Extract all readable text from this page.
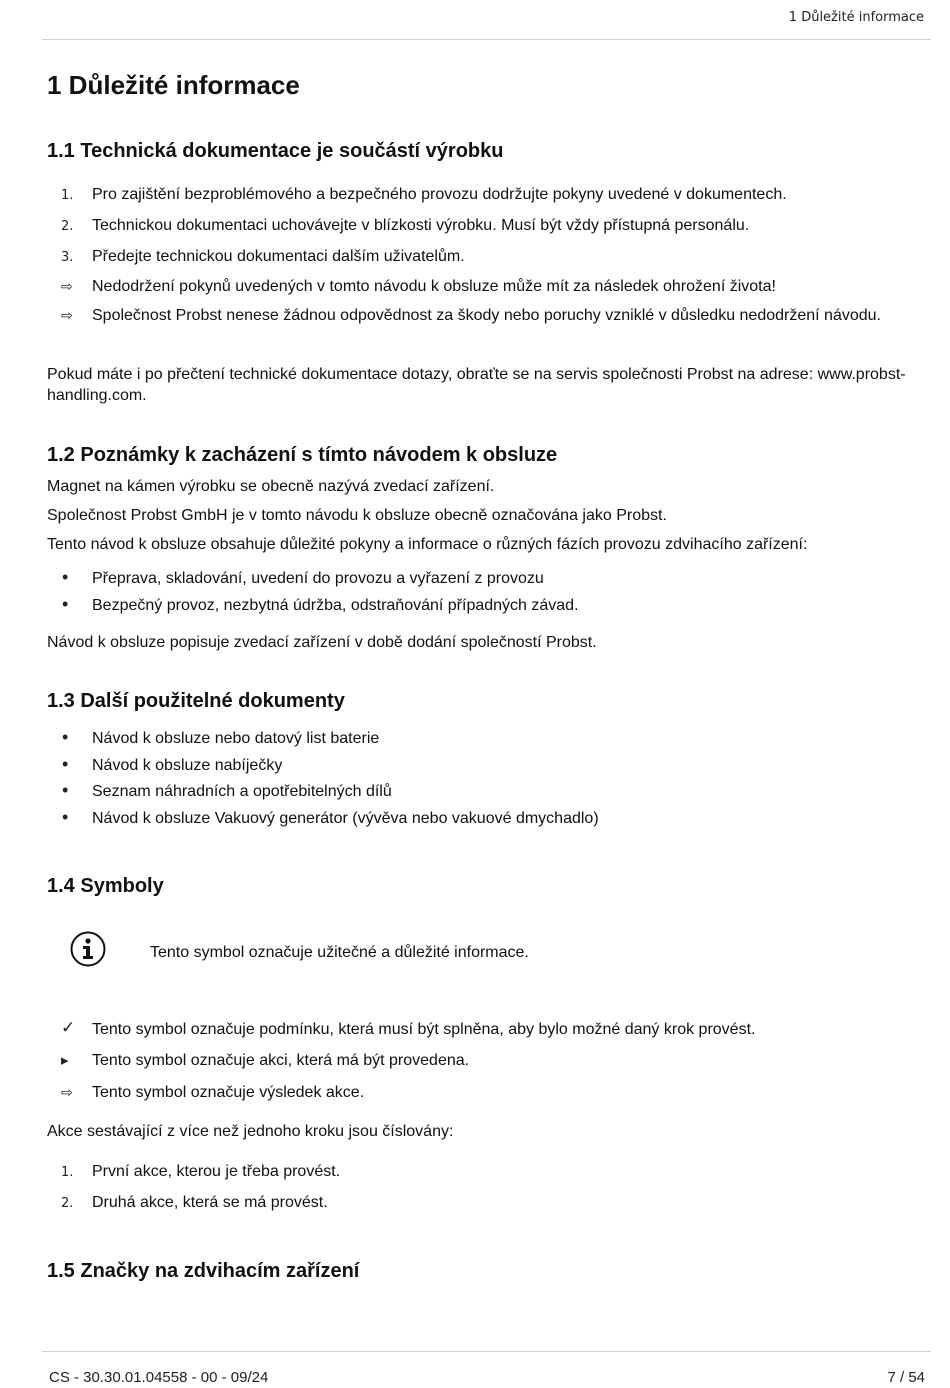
1 Důležité informace
1 Důležité informace
1.1 Technická dokumentace je součástí výrobku
1.	Pro zajištění bezproblémového a bezpečného provozu dodržujte pokyny uvedené v dokumentech.
2.	Technickou dokumentaci uchovávejte v blízkosti výrobku. Musí být vždy přístupná personálu.
3.	Předejte technickou dokumentaci dalším uživatelům.
⇨	Nedodržení pokynů uvedených v tomto návodu k obsluze může mít za následek ohrožení života!
⇨	Společnost Probst nenese žádnou odpovědnost za škody nebo poruchy vzniklé v důsledku nedodržení návodu.

Pokud máte i po přečtení technické dokumentace dotazy, obraťte se na servis společnosti Probst na adrese: www.probst-handling.com.

1.2 Poznámky k zacházení s tímto návodem k obsluze

Magnet na kámen výrobku se obecně nazývá zvedací zařízení.

Společnost Probst GmbH je v tomto návodu k obsluze obecně označována jako Probst.

Tento návod k obsluze obsahuje důležité pokyny a informace o různých fázích provozu zdvihacího zařízení:

•	Přeprava, skladování, uvedení do provozu a vyřazení z provozu
•	Bezpečný provoz, nezbytná údržba, odstraňování případných závad.

Návod k obsluze popisuje zvedací zařízení v době dodání společností Probst.

1.3 Další použitelné dokumenty
•	Návod k obsluze nebo datový list baterie
•	Návod k obsluze nabíječky
•	Seznam náhradních a opotřebitelných dílů
•	Návod k obsluze Vakuový generátor (vývěva nebo vakuové dmychadlo)
1.4 Symboly
✓	Tento symbol označuje podmínku, která musí být splněna, aby bylo možné daný krok provést.
▸	Tento symbol označuje akci, která má být provedena.
⇨	Tento symbol označuje výsledek akce.

Akce sestávající z více než jednoho kroku jsou číslovány:

1.	První akce, kterou je třeba provést.
2.	Druhá akce, která se má provést.
1.5 Značky na zdvihacím zařízení
Tento symbol označuje užitečné a důležité informace.
CS - 30.30.01.04558 - 00 - 09/24	7 / 54
